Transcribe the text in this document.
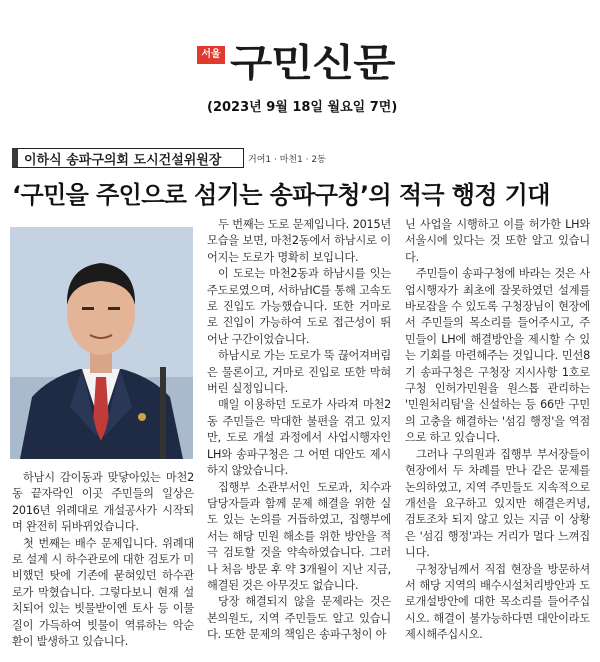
서울 구민신문
(2023년 9월 18일 월요일 7면)
이하식 송파구의회 도시건설위원장	거여1 · 마천1 · 2동
‘구민을 주인으로 섬기는 송파구청’의 적극 행정 기대

하남시 감이동과 맞닿아있는 마천2동 끝자락인 이곳 주민들의 일상은 2016년 위례대로 개설공사가 시작되며 완전히 뒤바뀌었습니다.

첫 번째는 배수 문제입니다. 위례대로 설계 시 하수관로에 대한 검토가 미비했던 탓에 기존에 묻혀있던 하수관로가 막혔습니다. 그렇다보니 현재 설치되어 있는 빗물받이엔 토사 등 이물질이 가득하여 빗물이 역류하는 악순환이 발생하고 있습니다.

두 번째는 도로 문제입니다. 2015년 모습을 보면, 마천2동에서 하남시로 이어지는 도로가 명확히 보입니다.

이 도로는 마천2동과 하남시를 잇는 주도로였으며, 서하남IC를 통해 고속도로 진입도 가능했습니다. 또한 거마로로 진입이 가능하여 도로 접근성이 뛰어난 구간이었습니다.

하남시로 가는 도로가 뚝 끊어져버림은 물론이고, 거마로 진입로 또한 막혀버린 실정입니다.

매일 이용하던 도로가 사라져 마천2동 주민들은 막대한 불편을 겪고 있지만, 도로 개설 과정에서 사업시행자인 LH와 송파구청은 그 어떤 대안도 제시하지 않았습니다.

집행부 소관부서인 도로과, 치수과 담당자들과 함께 문제 해결을 위한 실도 있는 논의를 거듭하였고, 집행부에서는 해당 민원 해소를 위한 방안을 적극 검토할 것을 약속하였습니다. 그러나 처음 방문 후 약 3개월이 지난 지금, 해결된 것은 아무것도 없습니다.

당장 해결되지 않을 문제라는 것은 본의원도, 지역 주민들도 알고 있습니다. 또한 문제의 책임은 송파구청이 아

닌 사업을 시행하고 이를 허가한 LH와 서울시에 있다는 것 또한 알고 있습니다.

주민들이 송파구청에 바라는 것은 사업시행자가 최초에 잘못하였던 설계를 바로잡을 수 있도록 구청장님이 현장에서 주민들의 목소리를 들어주시고, 주민들이 LH에 해결방안을 제시할 수 있는 기회를 마련해주는 것입니다. 민선8기 송파구청은 구청장 지시사항 1호로 구청 인허가민원을 원스톱 관리하는 '민원처리팀'을 신설하는 등 66만 구민의 고충을 해결하는 '섬김 행정'을 역점으로 하고 있습니다.

그러나 구의원과 집행부 부서장들이 현장에서 두 차례를 만나 같은 문제를 논의하였고, 지역 주민들도 지속적으로 개선을 요구하고 있지만 해결은커녕, 검토조차 되지 않고 있는 지금 이 상황은 '섬김 행정'과는 거리가 멀다 느껴집니다.

구청장님께서 직접 현장을 방문하셔서 해당 지역의 배수시설처리방안과 도로개설방안에 대한 목소리를 들어주십시오. 해결이 불가능하다면 대안이라도 제시해주십시오.
